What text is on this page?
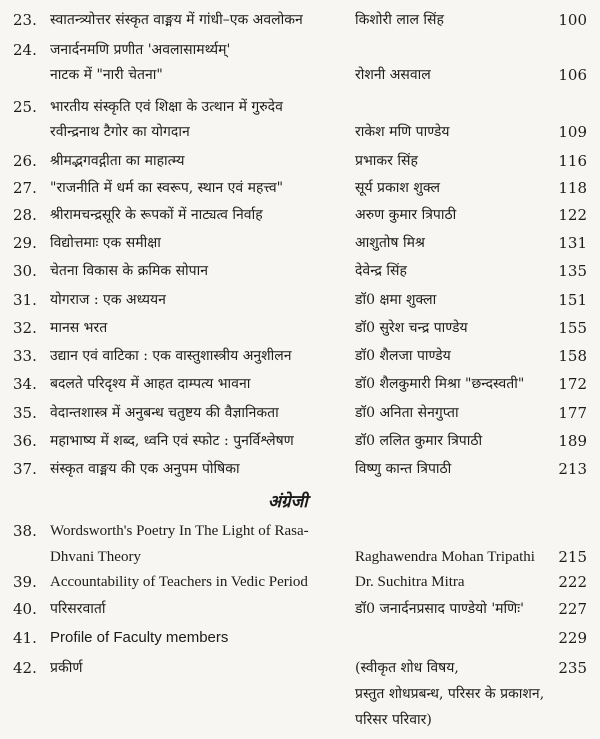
23. स्वातन्त्र्योत्तर संस्कृत वाङ्मय में गांधी–एक अवलोकन	किशोरी लाल सिंह	100
24. जनार्दनमणि प्रणीत 'अवलासामर्थ्यम्'
नाटक में "नारी चेतना"	रोशनी असवाल	106
25. भारतीय संस्कृति एवं शिक्षा के उत्थान में गुरुदेव
रवीन्द्रनाथ टैगोर का योगदान	राकेश मणि पाण्डेय	109
26. श्रीमद्भगवद्गीता का माहात्म्य	प्रभाकर सिंह	116
27. "राजनीति में धर्म का स्वरूप, स्थान एवं महत्त्व"	सूर्य प्रकाश शुक्ल	118
28. श्रीरामचन्द्रसूरि के रूपकों में नाट्यत्व निर्वाह	अरुण कुमार त्रिपाठी	122
29. विद्योत्तमाः एक समीक्षा	आशुतोष मिश्र	131
30. चेतना विकास के क्रमिक सोपान	देवेन्द्र सिंह	135
31. योगराज : एक अध्ययन	डॉ0 क्षमा शुक्ला	151
32. मानस भरत	डॉ0 सुरेश चन्द्र पाण्डेय	155
33. उद्यान एवं वाटिका : एक वास्तुशास्त्रीय अनुशीलन	डॉ0 शैलजा पाण्डेय	158
34. बदलते परिदृश्य में आहत दाम्पत्य भावना	डॉ0 शैलकुमारी मिश्रा "छन्दस्वती"	172
35. वेदान्तशास्त्र में अनुबन्ध चतुष्टय की वैज्ञानिकता	डॉ0 अनिता सेनगुप्ता	177
36. महाभाष्य में शब्द, ध्वनि एवं स्फोट : पुनर्विश्लेषण	डॉ0 ललित कुमार त्रिपाठी	189
37. संस्कृत वाङ्मय की एक अनुपम पोषिका	विष्णु कान्त त्रिपाठी	213
अंग्रेजी
38. Wordsworth's Poetry In The Light of Rasa-
Dhvani Theory	Raghawendra Mohan Tripathi	215
39. Accountability of Teachers in Vedic Period	Dr. Suchitra Mitra	222
40. परिसरवार्ता	डॉ0 जनार्दनप्रसाद पाण्डेयो 'मणिः'	227
41. Profile of Faculty members	229
42. प्रकीर्ण	(स्वीकृत शोध विषय,	235
प्रस्तुत शोधप्रबन्ध, परिसर के प्रकाशन,
परिसर परिवार)
